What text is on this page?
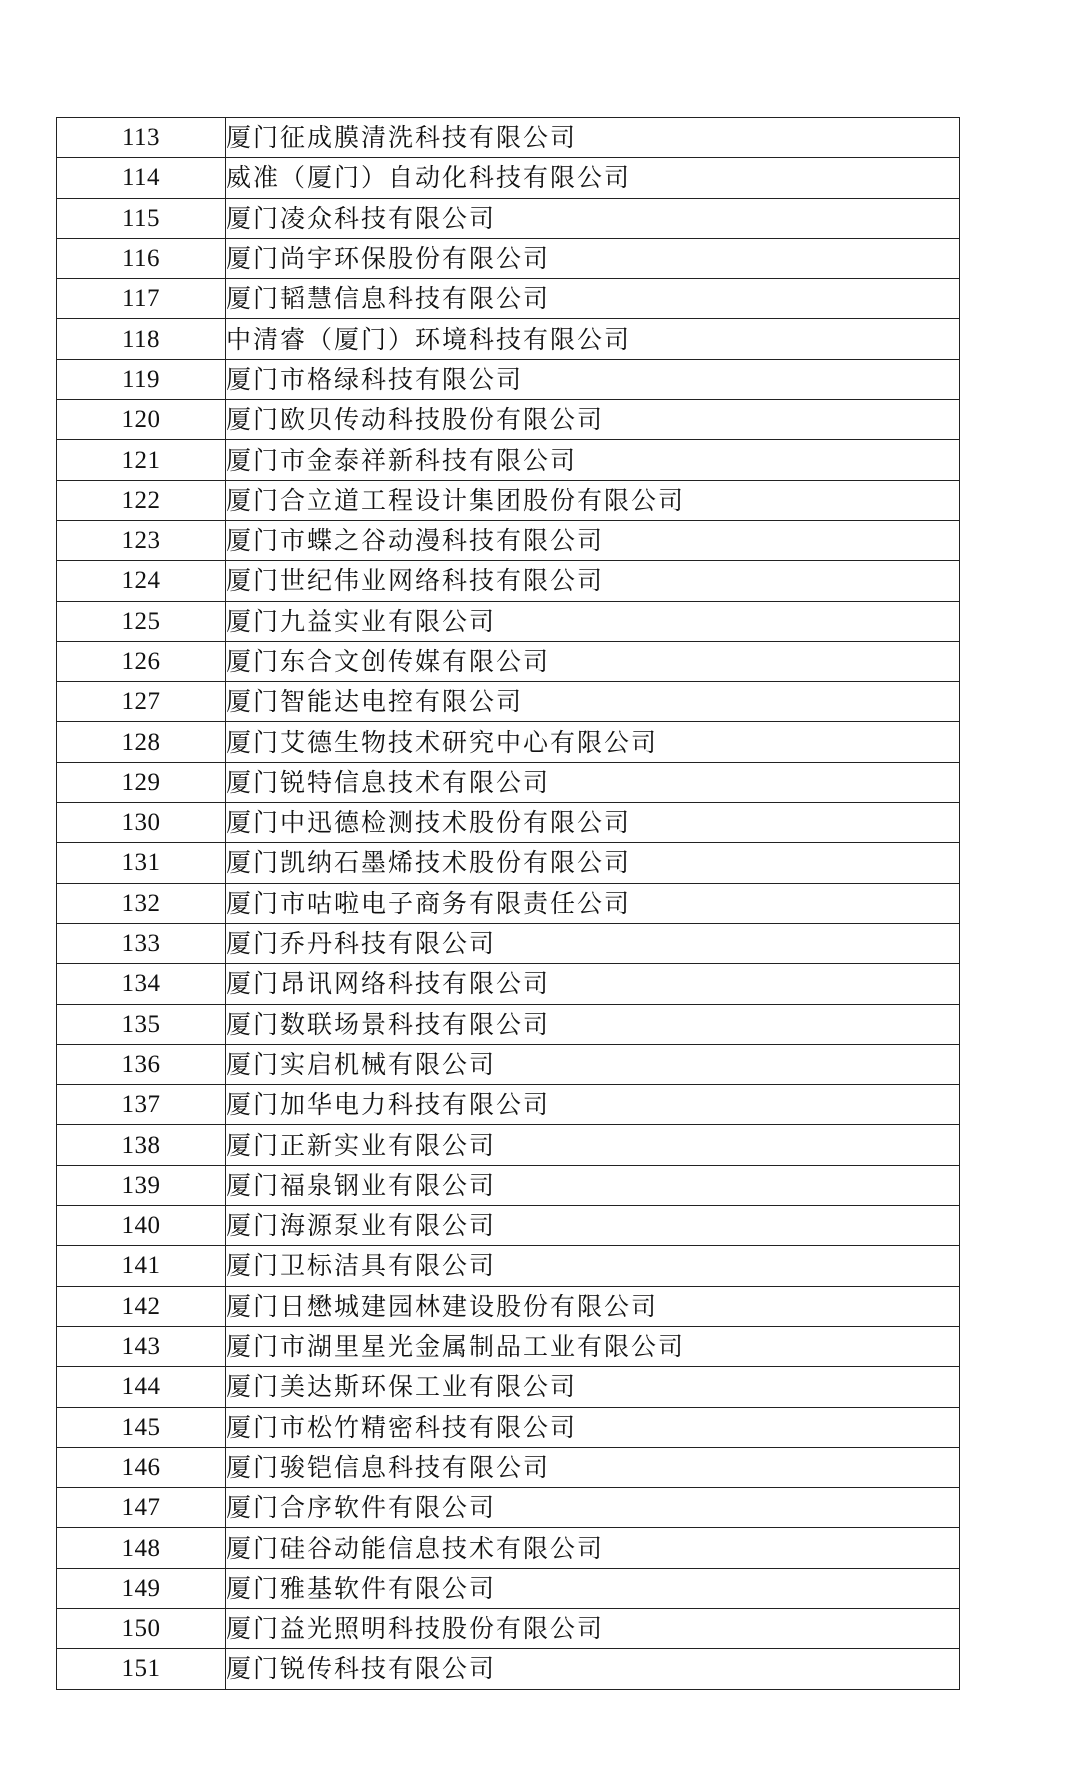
113	厦门征成膜清洗科技有限公司
114	威准（厦门）自动化科技有限公司
115	厦门凌众科技有限公司
116	厦门尚宇环保股份有限公司
117	厦门韬慧信息科技有限公司
118	中清睿（厦门）环境科技有限公司
119	厦门市格绿科技有限公司
120	厦门欧贝传动科技股份有限公司
121	厦门市金泰祥新科技有限公司
122	厦门合立道工程设计集团股份有限公司
123	厦门市蝶之谷动漫科技有限公司
124	厦门世纪伟业网络科技有限公司
125	厦门九益实业有限公司
126	厦门东合文创传媒有限公司
127	厦门智能达电控有限公司
128	厦门艾德生物技术研究中心有限公司
129	厦门锐特信息技术有限公司
130	厦门中迅德检测技术股份有限公司
131	厦门凯纳石墨烯技术股份有限公司
132	厦门市咕啦电子商务有限责任公司
133	厦门乔丹科技有限公司
134	厦门昂讯网络科技有限公司
135	厦门数联场景科技有限公司
136	厦门实启机械有限公司
137	厦门加华电力科技有限公司
138	厦门正新实业有限公司
139	厦门福泉钢业有限公司
140	厦门海源泵业有限公司
141	厦门卫标洁具有限公司
142	厦门日懋城建园林建设股份有限公司
143	厦门市湖里星光金属制品工业有限公司
144	厦门美达斯环保工业有限公司
145	厦门市松竹精密科技有限公司
146	厦门骏铠信息科技有限公司
147	厦门合序软件有限公司
148	厦门硅谷动能信息技术有限公司
149	厦门雅基软件有限公司
150	厦门益光照明科技股份有限公司
151	厦门锐传科技有限公司
